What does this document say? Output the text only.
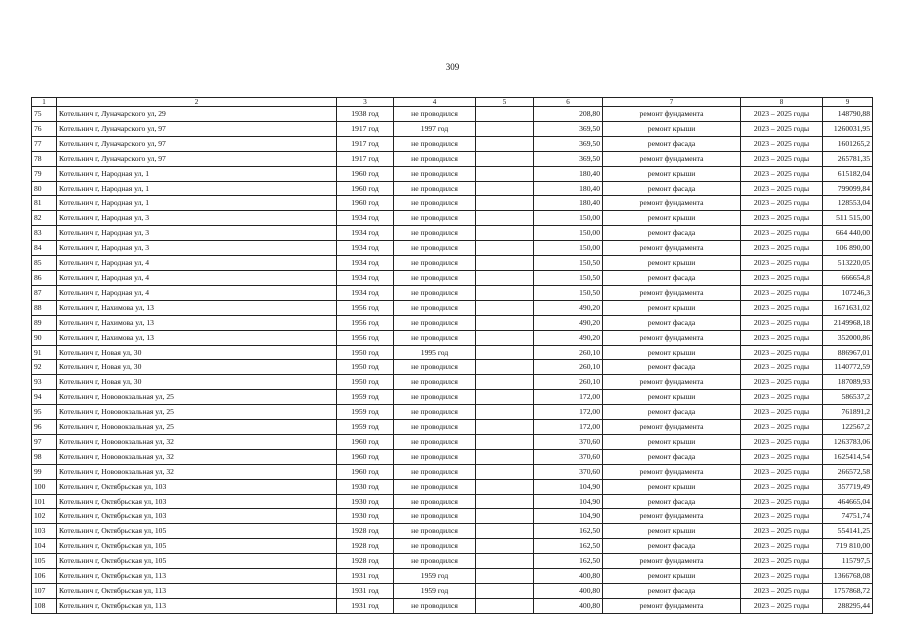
309
1	2	3	4	5	6	7	8	9
75	Котельнич г, Луначарского ул, 29	1938 год	не проводился		208,80	ремонт фундамента	2023 – 2025 годы	148790,88
76	Котельнич г, Луначарского ул, 97	1917 год	1997 год		369,50	ремонт крыши	2023 – 2025 годы	1260031,95
77	Котельнич г, Луначарского ул, 97	1917 год	не проводился		369,50	ремонт фасада	2023 – 2025 годы	1601265,2
78	Котельнич г, Луначарского ул, 97	1917 год	не проводился		369,50	ремонт фундамента	2023 – 2025 годы	265781,35
79	Котельнич г, Народная ул, 1	1960 год	не проводился		180,40	ремонт крыши	2023 – 2025 годы	615182,04
80	Котельнич г, Народная ул, 1	1960 год	не проводился		180,40	ремонт фасада	2023 – 2025 годы	799099,84
81	Котельнич г, Народная ул, 1	1960 год	не проводился		180,40	ремонт фундамента	2023 – 2025 годы	128553,04
82	Котельнич г, Народная ул, 3	1934 год	не проводился		150,00	ремонт крыши	2023 – 2025 годы	511 515,00
83	Котельнич г, Народная ул, 3	1934 год	не проводился		150,00	ремонт фасада	2023 – 2025 годы	664 440,00
84	Котельнич г, Народная ул, 3	1934 год	не проводился		150,00	ремонт фундамента	2023 – 2025 годы	106 890,00
85	Котельнич г, Народная ул, 4	1934 год	не проводился		150,50	ремонт крыши	2023 – 2025 годы	513220,05
86	Котельнич г, Народная ул, 4	1934 год	не проводился		150,50	ремонт фасада	2023 – 2025 годы	666654,8
87	Котельнич г, Народная ул, 4	1934 год	не проводился		150,50	ремонт фундамента	2023 – 2025 годы	107246,3
88	Котельнич г, Нахимова ул, 13	1956 год	не проводился		490,20	ремонт крыши	2023 – 2025 годы	1671631,02
89	Котельнич г, Нахимова ул, 13	1956 год	не проводился		490,20	ремонт фасада	2023 – 2025 годы	2149968,18
90	Котельнич г, Нахимова ул, 13	1956 год	не проводился		490,20	ремонт фундамента	2023 – 2025 годы	352000,86
91	Котельнич г, Новая ул, 30	1950 год	1995 год		260,10	ремонт крыши	2023 – 2025 годы	886967,01
92	Котельнич г, Новая ул, 30	1950 год	не проводился		260,10	ремонт фасада	2023 – 2025 годы	1140772,59
93	Котельнич г, Новая ул, 30	1950 год	не проводился		260,10	ремонт фундамента	2023 – 2025 годы	187089,93
94	Котельнич г, Нововокзальная ул, 25	1959 год	не проводился		172,00	ремонт крыши	2023 – 2025 годы	586537,2
95	Котельнич г, Нововокзальная ул, 25	1959 год	не проводился		172,00	ремонт фасада	2023 – 2025 годы	761891,2
96	Котельнич г, Нововокзальная ул, 25	1959 год	не проводился		172,00	ремонт фундамента	2023 – 2025 годы	122567,2
97	Котельнич г, Нововокзальная ул, 32	1960 год	не проводился		370,60	ремонт крыши	2023 – 2025 годы	1263783,06
98	Котельнич г, Нововокзальная ул, 32	1960 год	не проводился		370,60	ремонт фасада	2023 – 2025 годы	1625414,54
99	Котельнич г, Нововокзальная ул, 32	1960 год	не проводился		370,60	ремонт фундамента	2023 – 2025 годы	266572,58
100	Котельнич г, Октябрьская ул, 103	1930 год	не проводился		104,90	ремонт крыши	2023 – 2025 годы	357719,49
101	Котельнич г, Октябрьская ул, 103	1930 год	не проводился		104,90	ремонт фасада	2023 – 2025 годы	464665,04
102	Котельнич г, Октябрьская ул, 103	1930 год	не проводился		104,90	ремонт фундамента	2023 – 2025 годы	74751,74
103	Котельнич г, Октябрьская ул, 105	1928 год	не проводился		162,50	ремонт крыши	2023 – 2025 годы	554141,25
104	Котельнич г, Октябрьская ул, 105	1928 год	не проводился		162,50	ремонт фасада	2023 – 2025 годы	719 810,00
105	Котельнич г, Октябрьская ул, 105	1928 год	не проводился		162,50	ремонт фундамента	2023 – 2025 годы	115797,5
106	Котельнич г, Октябрьская ул, 113	1931 год	1959 год		400,80	ремонт крыши	2023 – 2025 годы	1366768,08
107	Котельнич г, Октябрьская ул, 113	1931 год	1959 год		400,80	ремонт фасада	2023 – 2025 годы	1757868,72
108	Котельнич г, Октябрьская ул, 113	1931 год	не проводился		400,80	ремонт фундамента	2023 – 2025 годы	288295,44
